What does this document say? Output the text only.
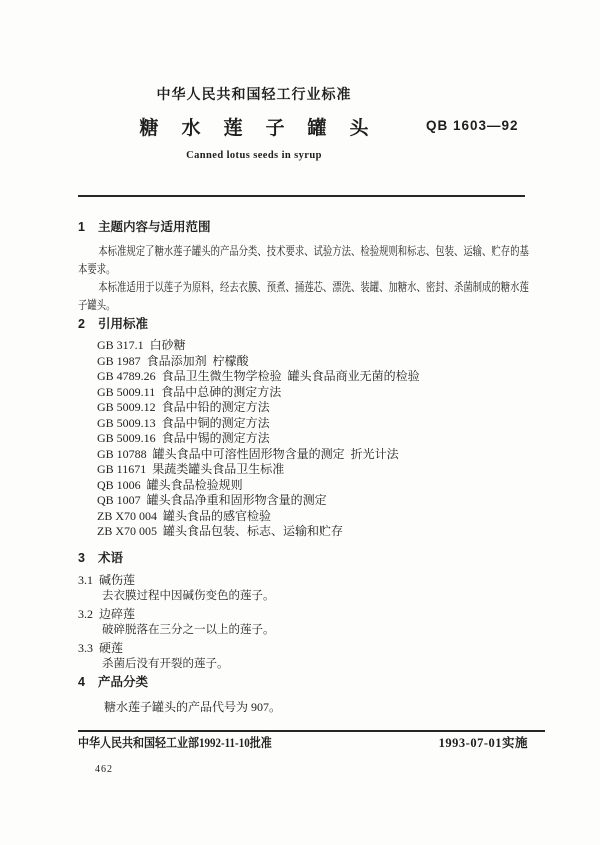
中华人民共和国轻工行业标准
糖水莲子罐头
Canned lotus seeds in syrup
QB 1603—92
1 主题内容与适用范围
本标准规定了糖水莲子罐头的产品分类、技术要求、试验方法、检验规则和标志、包装、运输、贮存的基本要求。
本标准适用于以莲子为原料，经去衣膜、预煮、捅莲芯、漂洗、装罐、加糖水、密封、杀菌制成的糖水莲子罐头。
2 引用标准
GB 317.1  白砂糖
GB 1987  食品添加剂  柠檬酸
GB 4789.26  食品卫生微生物学检验  罐头食品商业无菌的检验
GB 5009.11  食品中总砷的测定方法
GB 5009.12  食品中铅的测定方法
GB 5009.13  食品中铜的测定方法
GB 5009.16  食品中锡的测定方法
GB 10788  罐头食品中可溶性固形物含量的测定  折光计法
GB 11671  果蔬类罐头食品卫生标准
QB 1006  罐头食品检验规则
QB 1007  罐头食品净重和固形物含量的测定
ZB X70 004  罐头食品的感官检验
ZB X70 005  罐头食品包装、标志、运输和贮存
3 术语
3.1 碱伤莲
去衣膜过程中因碱伤变色的莲子。
3.2 边碎莲
破碎脱落在三分之一以上的莲子。
3.3 硬莲
杀菌后没有开裂的莲子。
4 产品分类
糖水莲子罐头的产品代号为 907。
中华人民共和国轻工业部1992-11-10批准	1993-07-01实施
462
